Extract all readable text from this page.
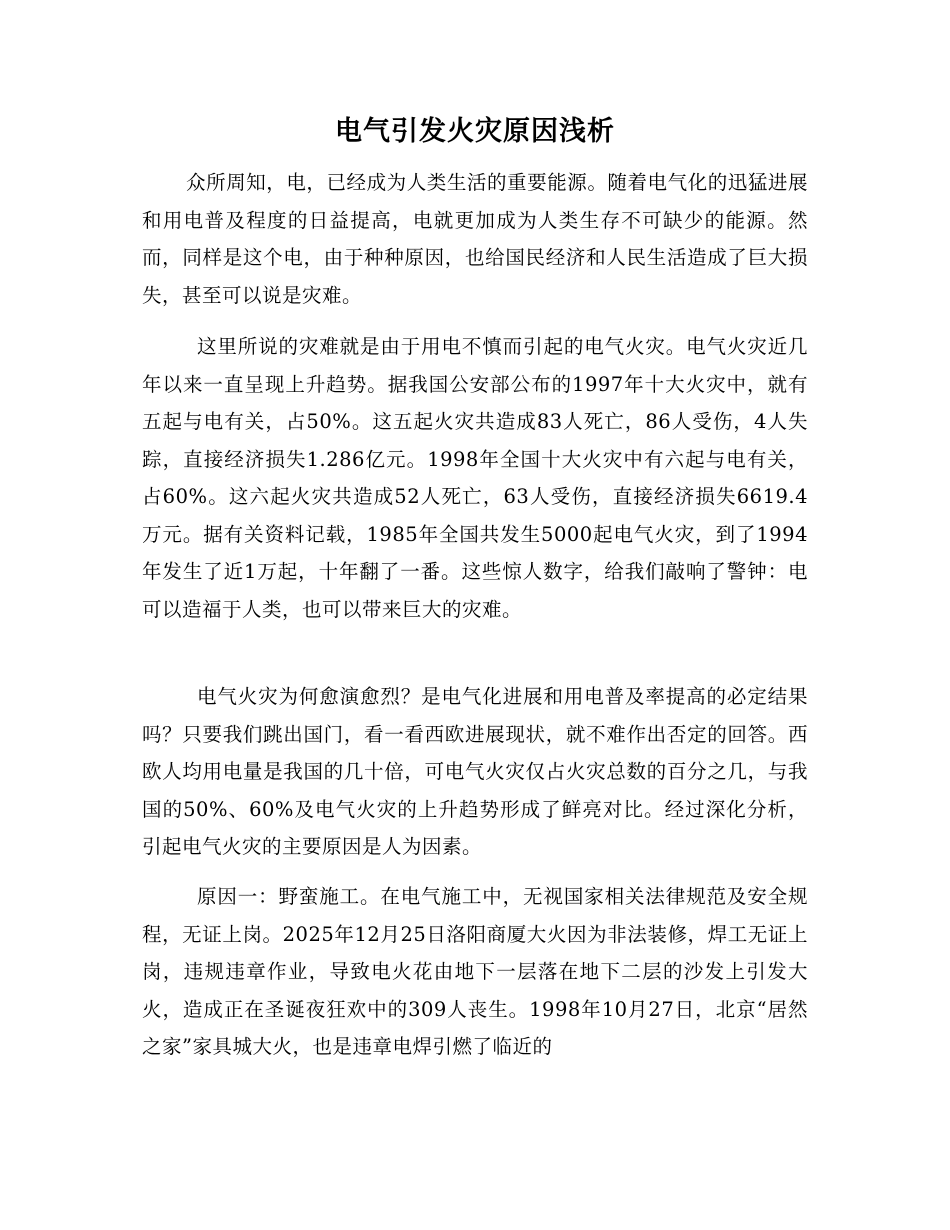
电气引发火灾原因浅析

众所周知，电，已经成为人类生活的重要能源。随着电气化的迅猛进展和用电普及程度的日益提高，电就更加成为人类生存不可缺少的能源。然而，同样是这个电，由于种种原因，也给国民经济和人民生活造成了巨大损失，甚至可以说是灾难。

这里所说的灾难就是由于用电不慎而引起的电气火灾。电气火灾近几年以来一直呈现上升趋势。据我国公安部公布的1997年十大火灾中，就有五起与电有关，占50%。这五起火灾共造成83人死亡，86人受伤，4人失踪，直接经济损失1.286亿元。1998年全国十大火灾中有六起与电有关，占60%。这六起火灾共造成52人死亡，63人受伤，直接经济损失6619.4万元。据有关资料记载，1985年全国共发生5000起电气火灾，到了1994年发生了近1万起，十年翻了一番。这些惊人数字，给我们敲响了警钟：电可以造福于人类，也可以带来巨大的灾难。

电气火灾为何愈演愈烈？是电气化进展和用电普及率提高的必定结果吗？只要我们跳出国门，看一看西欧进展现状，就不难作出否定的回答。西欧人均用电量是我国的几十倍，可电气火灾仅占火灾总数的百分之几，与我国的50%、60%及电气火灾的上升趋势形成了鲜亮对比。经过深化分析，引起电气火灾的主要原因是人为因素。

原因一：野蛮施工。在电气施工中，无视国家相关法律规范及安全规程，无证上岗。2025年12月25日洛阳商厦大火因为非法装修，焊工无证上岗，违规违章作业，导致电火花由地下一层落在地下二层的沙发上引发大火，造成正在圣诞夜狂欢中的309人丧生。1998年10月27日，北京“居然之家”家具城大火，也是违章电焊引燃了临近的
